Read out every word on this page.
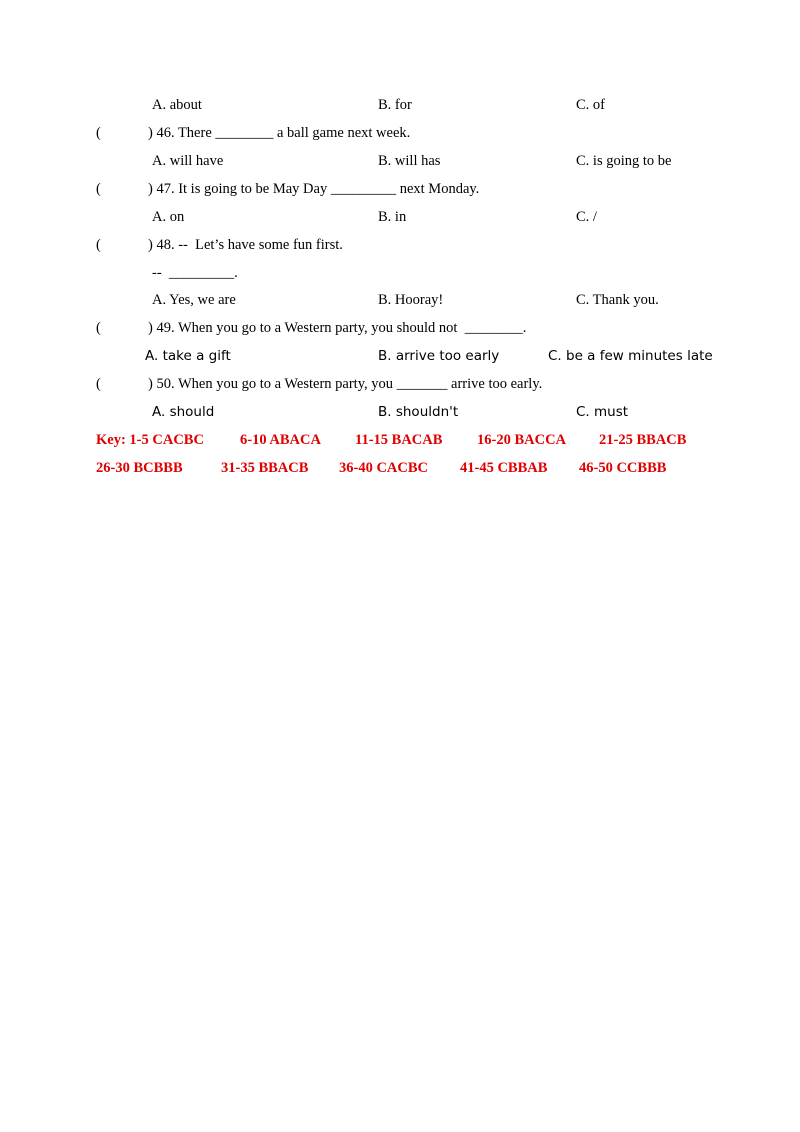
A. about	B. for	C. of
(	) 46. There ________ a ball game next week.
A. will have	B. will has	C. is going to be
(	) 47. It is going to be May Day _________ next Monday.
A. on	B. in	C. /
(	) 48. --  Let’s have some fun first.
--  _________.
A. Yes, we are	B. Hooray!	C. Thank you.
(	) 49. When you go to a Western party, you should not  ________.
A. take a gift	B. arrive too early	C. be a few minutes late
(	) 50. When you go to a Western party, you _______ arrive too early.
A. should	B. shouldn't	C. must
Key: 1-5 CACBC 6-10 ABACA 11-15 BACAB 16-20 BACCA 21-25 BBACB
26-30 BCBBB	31-35 BBACB 36-40 CACBC 41-45 CBBAB 46-50 CCBBB
